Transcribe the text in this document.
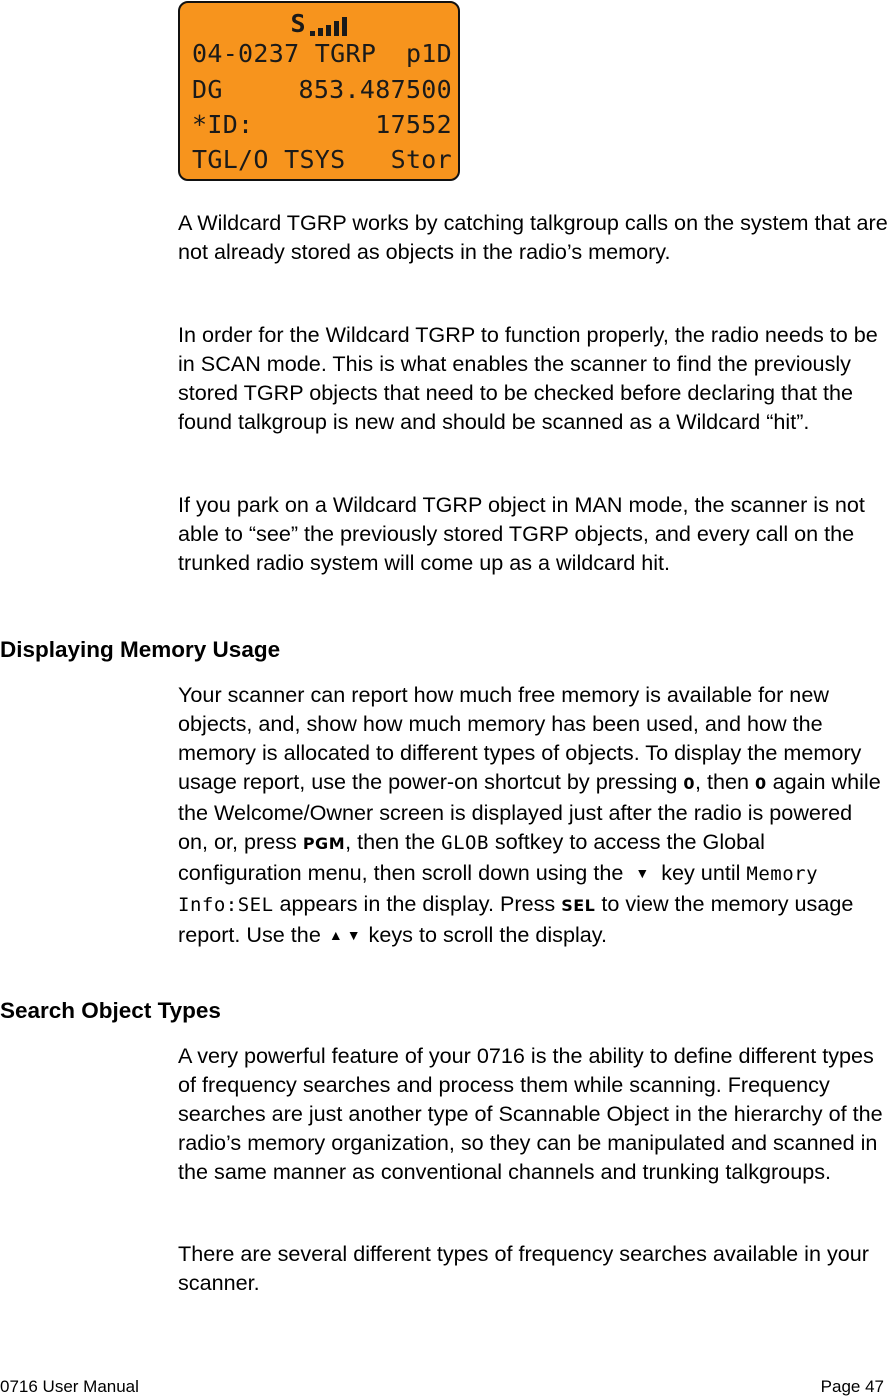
S
04-0237 TGRP p1D
DG	853.487500
*ID:	17552
TGL/O TSYS Stor

A Wildcard TGRP works by catching talkgroup calls on the system that are not already stored as objects in the radio’s memory.

In order for the Wildcard TGRP to function properly, the radio needs to be in SCAN mode. This is what enables the scanner to find the previously stored TGRP objects that need to be checked before declaring that the found talkgroup is new and should be scanned as a Wildcard “hit”.

If you park on a Wildcard TGRP object in MAN mode, the scanner is not able to “see” the previously stored TGRP objects, and every call on the trunked radio system will come up as a wildcard hit.

Displaying Memory Usage

Your scanner can report how much free memory is available for new objects, and, show how much memory has been used, and how the memory is allocated to different types of objects. To display the memory usage report, use the power-on shortcut by pressing 0, then 0 again while the Welcome/Owner screen is displayed just after the radio is powered on, or, press PGM, then the GLOB softkey to access the Global configuration menu, then scroll down using the ▼ key until Memory Info:SEL appears in the display. Press SEL to view the memory usage report. Use the ▲ ▼ keys to scroll the display.

Search Object Types

A very powerful feature of your 0716 is the ability to define different types of frequency searches and process them while scanning. Frequency searches are just another type of Scannable Object in the hierarchy of the radio’s memory organization, so they can be manipulated and scanned in the same manner as conventional channels and trunking talkgroups.

There are several different types of frequency searches available in your scanner.

0716 User Manual	Page 47
